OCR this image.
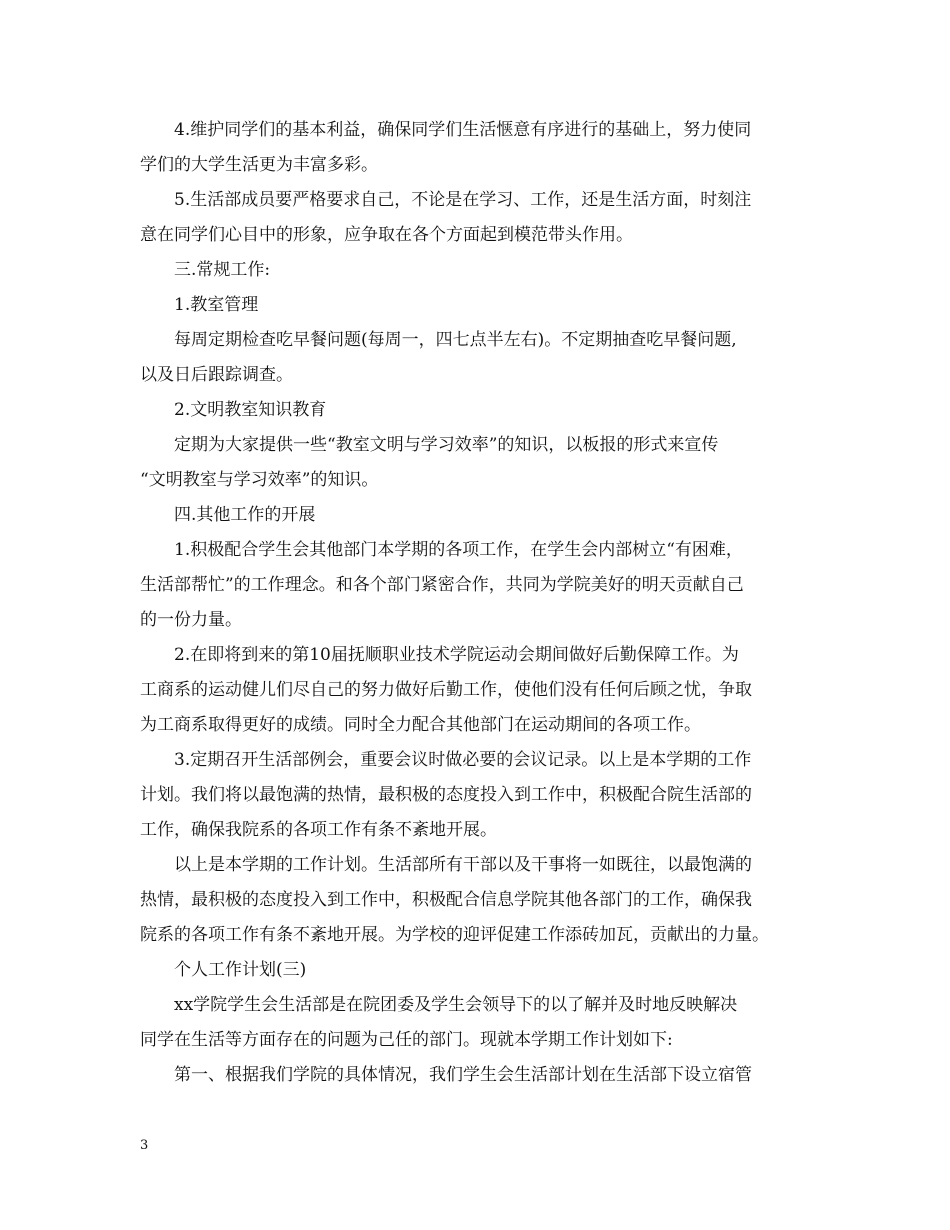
4.维护同学们的基本利益，确保同学们生活惬意有序进行的基础上，努力使同
学们的大学生活更为丰富多彩。
5.生活部成员要严格要求自己，不论是在学习、工作，还是生活方面，时刻注
意在同学们心目中的形象，应争取在各个方面起到模范带头作用。
三.常规工作:
1.教室管理
每周定期检查吃早餐问题(每周一，四七点半左右)。不定期抽查吃早餐问题,
以及日后跟踪调查。
2.文明教室知识教育
定期为大家提供一些“教室文明与学习效率”的知识，以板报的形式来宣传
“文明教室与学习效率”的知识。
四.其他工作的开展
1.积极配合学生会其他部门本学期的各项工作，在学生会内部树立“有困难，
生活部帮忙”的工作理念。和各个部门紧密合作，共同为学院美好的明天贡献自己
的一份力量。
2.在即将到来的第10届抚顺职业技术学院运动会期间做好后勤保障工作。为
工商系的运动健儿们尽自己的努力做好后勤工作，使他们没有任何后顾之忧，争取
为工商系取得更好的成绩。同时全力配合其他部门在运动期间的各项工作。
3.定期召开生活部例会，重要会议时做必要的会议记录。以上是本学期的工作
计划。我们将以最饱满的热情，最积极的态度投入到工作中，积极配合院生活部的
工作，确保我院系的各项工作有条不紊地开展。
以上是本学期的工作计划。生活部所有干部以及干事将一如既往，以最饱满的
热情，最积极的态度投入到工作中，积极配合信息学院其他各部门的工作，确保我
院系的各项工作有条不紊地开展。为学校的迎评促建工作添砖加瓦，贡献出的力量。
个人工作计划(三)
xx学院学生会生活部是在院团委及学生会领导下的以了解并及时地反映解决
同学在生活等方面存在的问题为己任的部门。现就本学期工作计划如下:
第一、根据我们学院的具体情况，我们学生会生活部计划在生活部下设立宿管
3
